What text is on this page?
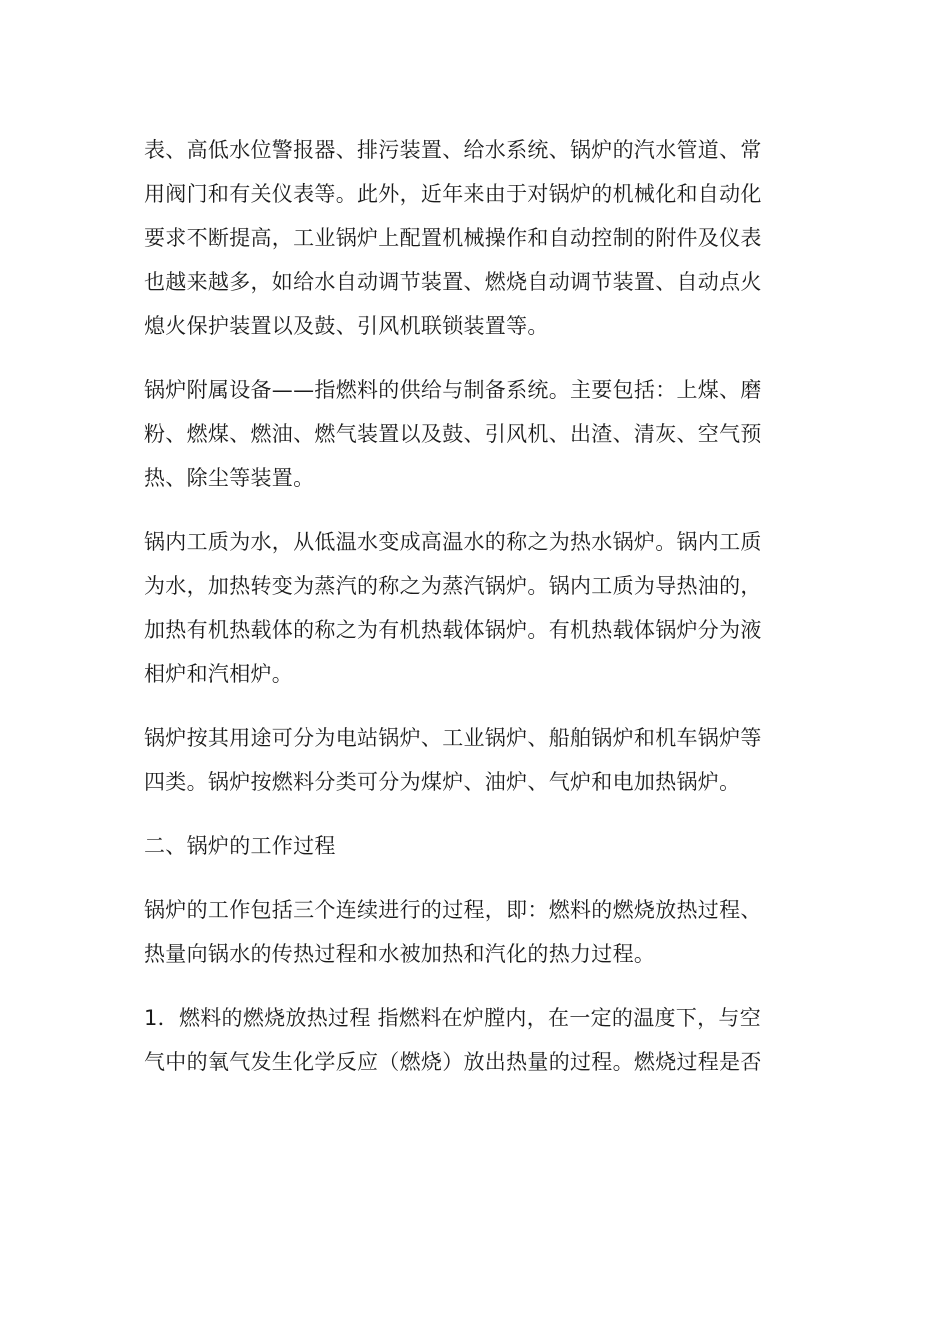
表、高低水位警报器、排污装置、给水系统、锅炉的汽水管道、常
用阀门和有关仪表等。此外，近年来由于对锅炉的机械化和自动化
要求不断提高，工业锅炉上配置机械操作和自动控制的附件及仪表
也越来越多，如给水自动调节装置、燃烧自动调节装置、自动点火
熄火保护装置以及鼓、引风机联锁装置等。
锅炉附属设备——指燃料的供给与制备系统。主要包括：上煤、磨
粉、燃煤、燃油、燃气装置以及鼓、引风机、出渣、清灰、空气预
热、除尘等装置。
锅内工质为水，从低温水变成高温水的称之为热水锅炉。锅内工质
为水，加热转变为蒸汽的称之为蒸汽锅炉。锅内工质为导热油的，
加热有机热载体的称之为有机热载体锅炉。有机热载体锅炉分为液
相炉和汽相炉。
锅炉按其用途可分为电站锅炉、工业锅炉、船舶锅炉和机车锅炉等
四类。锅炉按燃料分类可分为煤炉、油炉、气炉和电加热锅炉。
二、锅炉的工作过程
锅炉的工作包括三个连续进行的过程，即：燃料的燃烧放热过程、
热量向锅水的传热过程和水被加热和汽化的热力过程。
1．燃料的燃烧放热过程 指燃料在炉膛内，在一定的温度下，与空
气中的氧气发生化学反应（燃烧）放出热量的过程。燃烧过程是否
